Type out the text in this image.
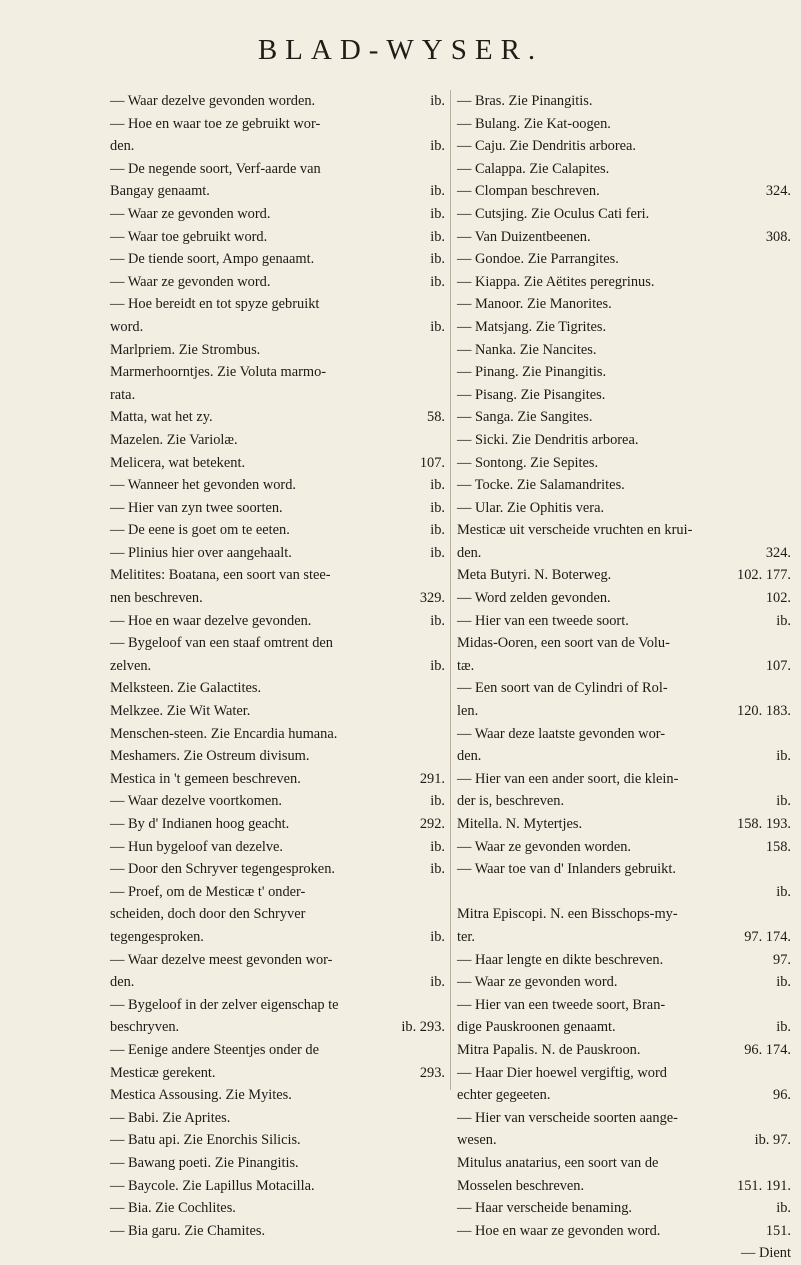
BLAD-WYSER.
ib.
— Waar dezelve gevonden worden.
— Hoe en waar toe ze gebruikt wor-
ib.
den.
— De negende soort, Verf-aarde van
ib.
Bangay genaamt.
ib.
— Waar ze gevonden word.
ib.
— Waar toe gebruikt word.
ib.
— De tiende soort, Ampo genaamt.
ib.
— Waar ze gevonden word.
— Hoe bereidt en tot spyze gebruikt
ib.
word.
Marlpriem. Zie Strombus.
Marmerhoorntjes. Zie Voluta marmo-
rata.
58.
Matta, wat het zy.
Mazelen. Zie Variolæ.
107.
Melicera, wat betekent.
ib.
— Wanneer het gevonden word.
ib.
— Hier van zyn twee soorten.
ib.
— De eene is goet om te eeten.
ib.
— Plinius hier over aangehaalt.
Melitites: Boatana, een soort van stee-
329.
nen beschreven.
ib.
— Hoe en waar dezelve gevonden.
— Bygeloof van een staaf omtrent den
ib.
zelven.
Melksteen. Zie Galactites.
Melkzee. Zie Wit Water.
Menschen-steen. Zie Encardia humana.
Meshamers. Zie Ostreum divisum.
291.
Mestica in 't gemeen beschreven.
ib.
— Waar dezelve voortkomen.
292.
— By d' Indianen hoog geacht.
ib.
— Hun bygeloof van dezelve.
ib.
— Door den Schryver tegengesproken.
— Proef, om de Mesticæ t' onder-
scheiden, doch door den Schryver
ib.
tegengesproken.
— Waar dezelve meest gevonden wor-
ib.
den.
— Bygeloof in der zelver eigenschap te
ib. 293.
beschryven.
— Eenige andere Steentjes onder de
293.
Mesticæ gerekent.
Mestica Assousing. Zie Myites.
— Babi. Zie Aprites.
— Batu api. Zie Enorchis Silicis.
— Bawang poeti. Zie Pinangitis.
— Baycole. Zie Lapillus Motacilla.
— Bia. Zie Cochlites.
— Bia garu. Zie Chamites.
— Bras. Zie Pinangitis.
— Bulang. Zie Kat-oogen.
— Caju. Zie Dendritis arborea.
— Calappa. Zie Calapites.
324.
— Clompan beschreven.
— Cutsjing. Zie Oculus Cati feri.
308.
— Van Duizentbeenen.
— Gondoe. Zie Parrangites.
— Kiappa. Zie Aëtites peregrinus.
— Manoor. Zie Manorites.
— Matsjang. Zie Tigrites.
— Nanka. Zie Nancites.
— Pinang. Zie Pinangitis.
— Pisang. Zie Pisangites.
— Sanga. Zie Sangites.
— Sicki. Zie Dendritis arborea.
— Sontong. Zie Sepites.
— Tocke. Zie Salamandrites.
— Ular. Zie Ophitis vera.
Mesticæ uit verscheide vruchten en krui-
324.
den.
102. 177.
Meta Butyri. N. Boterweg.
102.
— Word zelden gevonden.
ib.
— Hier van een tweede soort.
Midas-Ooren, een soort van de Volu-
107.
tæ.
— Een soort van de Cylindri of Rol-
120. 183.
len.
— Waar deze laatste gevonden wor-
ib.
den.
— Hier van een ander soort, die klein-
ib.
der is, beschreven.
158. 193.
Mitella. N. Mytertjes.
158.
— Waar ze gevonden worden.
— Waar toe van d' Inlanders gebruikt.
ib.

Mitra Episcopi. N. een Bisschops-my-
97. 174.
ter.
97.
— Haar lengte en dikte beschreven.
ib.
— Waar ze gevonden word.
— Hier van een tweede soort, Bran-
ib.
dige Pauskroonen genaamt.
96. 174.
Mitra Papalis. N. de Pauskroon.
— Haar Dier hoewel vergiftig, word
96.
echter gegeeten.
— Hier van verscheide soorten aange-
ib. 97.
wesen.
Mitulus anatarius, een soort van de
151. 191.
Mosselen beschreven.
ib.
— Haar verscheide benaming.
151.
— Hoe en waar ze gevonden word.
— Dient
